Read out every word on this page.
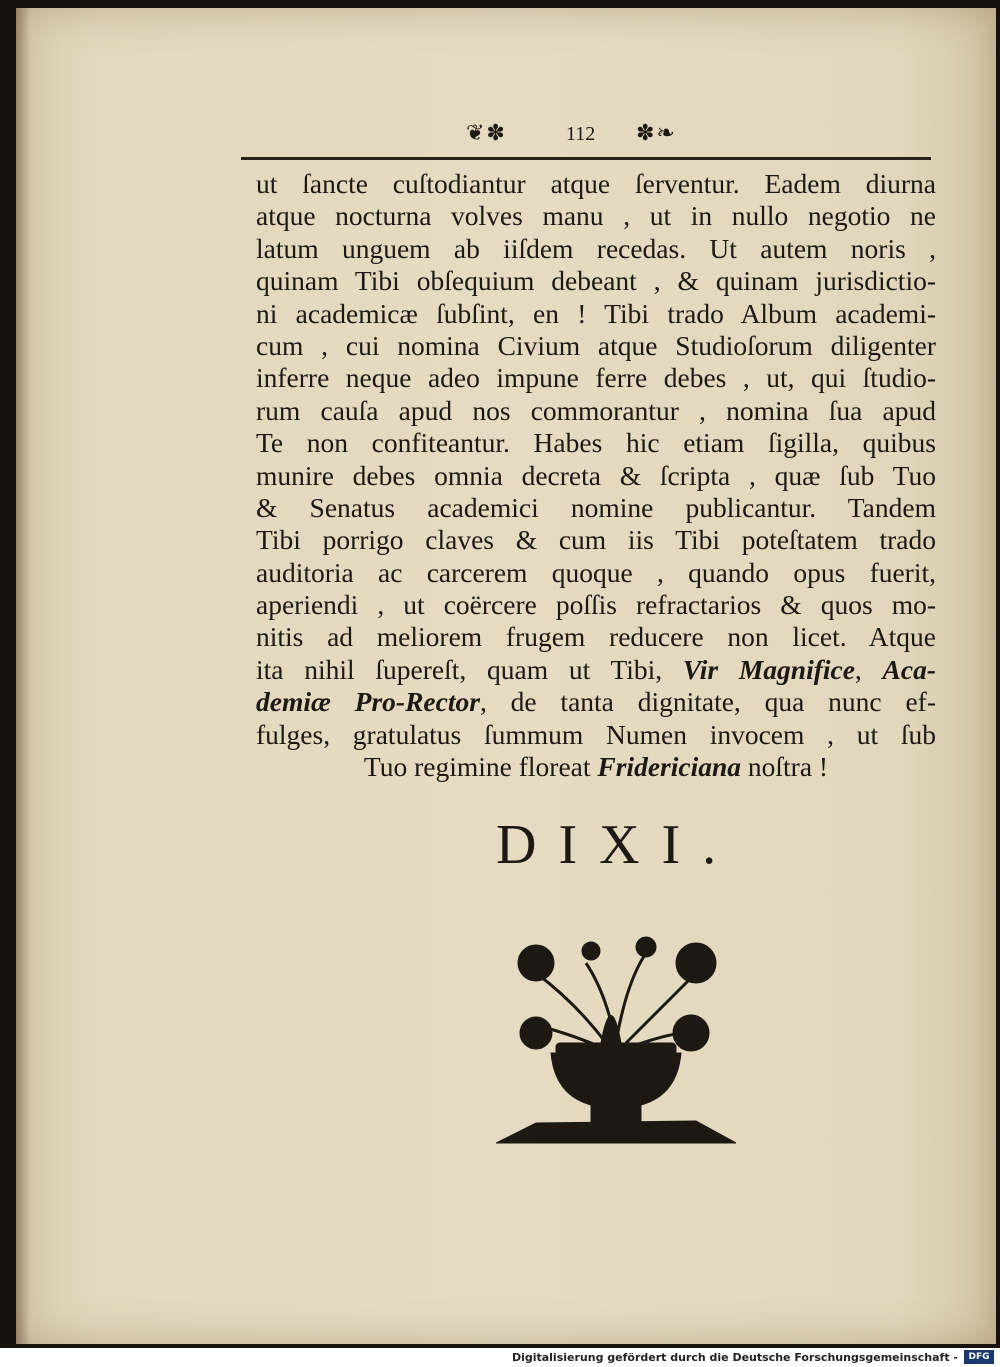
❦✽	112 ✽❧
ut ſancte cuſtodiantur atque ſerventur. Eadem diurna
atque nocturna volves manu , ut in nullo negotio ne
latum unguem ab iiſdem recedas. Ut autem noris ,
quinam Tibi obſequium debeant , & quinam jurisdictio-
ni academicæ ſubſint, en ! Tibi trado Album academi-
cum , cui nomina Civium atque Studioſorum diligenter
inferre neque adeo impune ferre debes , ut, qui ſtudio-
rum cauſa apud nos commorantur , nomina ſua apud
Te non confiteantur. Habes hic etiam ſigilla, quibus
munire debes omnia decreta & ſcripta , quæ ſub Tuo
& Senatus academici nomine publicantur. Tandem
Tibi porrigo claves & cum iis Tibi poteſtatem trado
auditoria ac carcerem quoque , quando opus fuerit,
aperiendi , ut coërcere poſſis refractarios & quos mo-
nitis ad meliorem frugem reducere non licet. Atque
ita nihil ſupereſt, quam ut Tibi, Vir Magnifice, Aca-
demiæ Pro-Rector, de tanta dignitate, qua nunc ef-
fulges, gratulatus ſummum Numen invocem , ut ſub
Tuo regimine floreat Fridericiana noſtra !
DIXI.
Digitalisierung gefördert durch die Deutsche Forschungsgemeinschaft -	DFG
